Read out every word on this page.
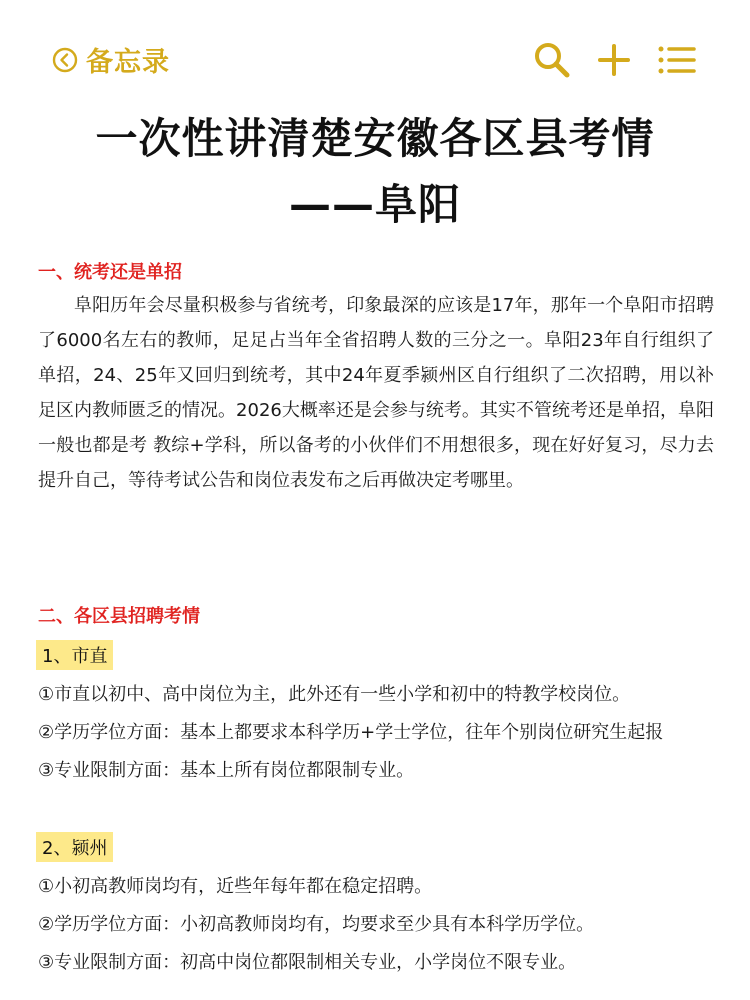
备忘录
一次性讲清楚安徽各区县考情
——阜阳
一、统考还是单招

阜阳历年会尽量积极参与省统考，印象最深的应该是17年，那年一个阜阳市招聘了6000名左右的教师，足足占当年全省招聘人数的三分之一。阜阳23年自行组织了单招，24、25年又回归到统考，其中24年夏季颍州区自行组织了二次招聘，用以补足区内教师匮乏的情况。2026大概率还是会参与统考。其实不管统考还是单招，阜阳一般也都是考 教综+学科，所以备考的小伙伴们不用想很多，现在好好复习，尽力去提升自己，等待考试公告和岗位表发布之后再做决定考哪里。

二、各区县招聘考情
1、市直
①市直以初中、高中岗位为主，此外还有一些小学和初中的特教学校岗位。
②学历学位方面：基本上都要求本科学历+学士学位，往年个别岗位研究生起报
③专业限制方面：基本上所有岗位都限制专业。
2、颍州
①小初高教师岗均有，近些年每年都在稳定招聘。
②学历学位方面：小初高教师岗均有，均要求至少具有本科学历学位。
③专业限制方面：初高中岗位都限制相关专业，小学岗位不限专业。
